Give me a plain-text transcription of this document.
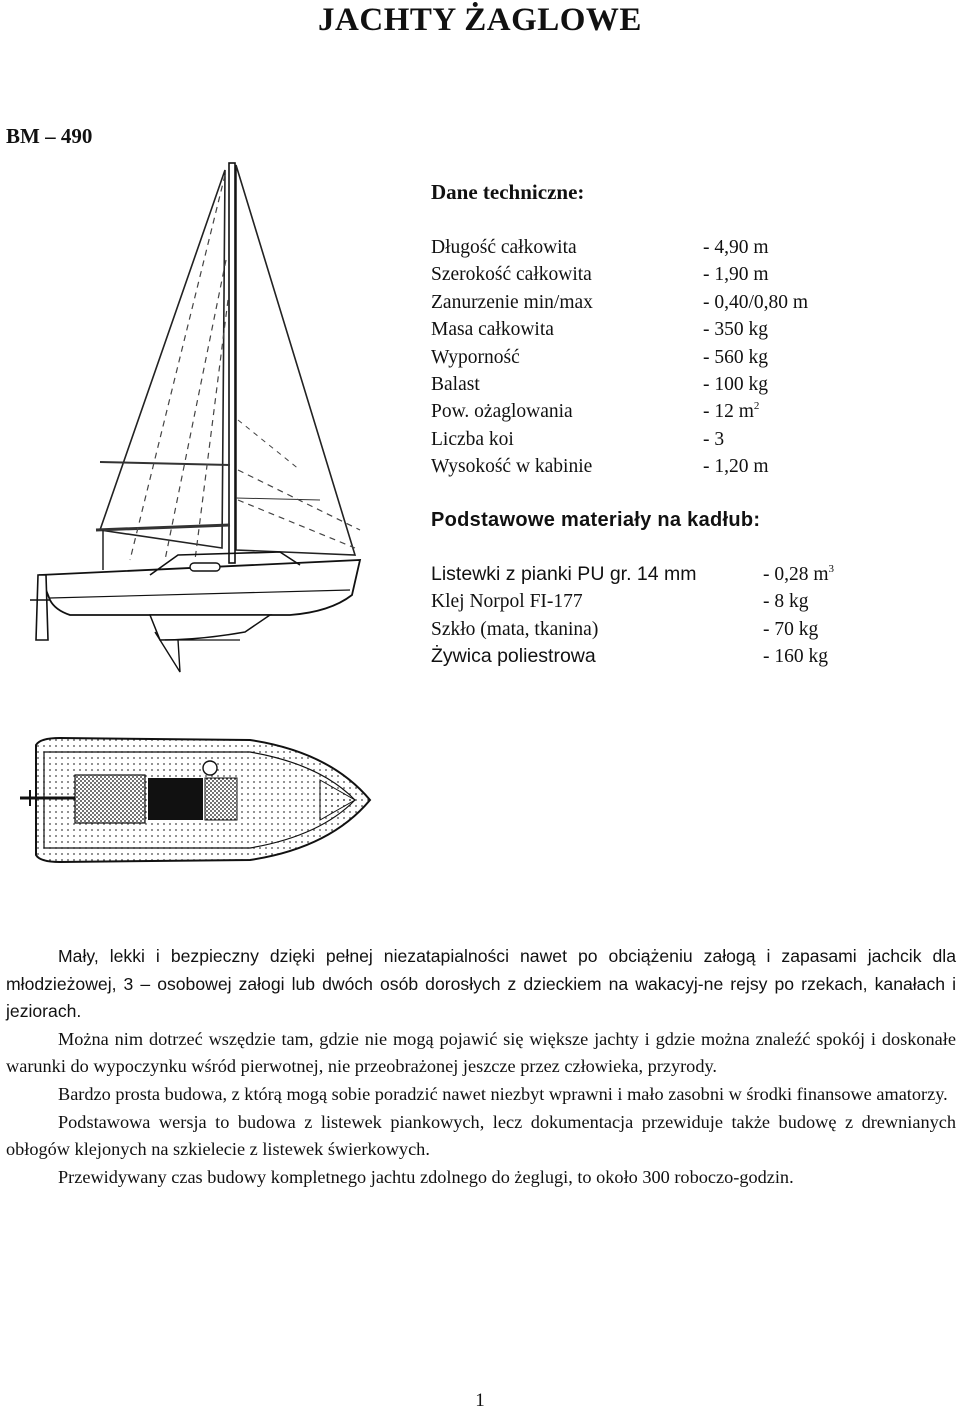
JACHTY ŻAGLOWE
BM – 490
Dane techniczne:
Długość całkowita	- 4,90 m
Szerokość całkowita	- 1,90 m
Zanurzenie min/max	- 0,40/0,80 m
Masa całkowita	- 350 kg
Wyporność	- 560 kg
Balast	- 100 kg
Pow. ożaglowania	- 12 $m^2$
Liczba koi	- 3
Wysokość w kabinie	- 1,20 m
Podstawowe materiały na kadłub:
Listewki z pianki PU gr. 14 mm	- 0,28 $m^3$
Klej Norpol FI-177	- 8 kg
Szkło (mata, tkanina)	- 70 kg
Żywica poliestrowa	- 160 kg

Mały, lekki i bezpieczny dzięki pełnej niezatapialności nawet po obciążeniu załogą i zapasami jachcik dla młodzieżowej, 3 – osobowej załogi lub dwóch osób dorosłych z dzieckiem na wakacyj-ne rejsy po rzekach, kanałach i jeziorach.

Można nim dotrzeć wszędzie tam, gdzie nie mogą pojawić się większe jachty i gdzie można znaleźć spokój i doskonałe warunki do wypoczynku wśród pierwotnej, nie przeobrażonej jeszcze przez człowieka, przyrody.

Bardzo prosta budowa, z którą mogą sobie poradzić nawet niezbyt wprawni i mało zasobni w środki finansowe amatorzy.

Podstawowa wersja to budowa z listewek piankowych, lecz dokumentacja przewiduje także budowę z drewnianych obłogów klejonych na szkielecie z listewek świerkowych.

Przewidywany czas budowy kompletnego jachtu zdolnego do żeglugi, to około 300 roboczo-godzin.

1
